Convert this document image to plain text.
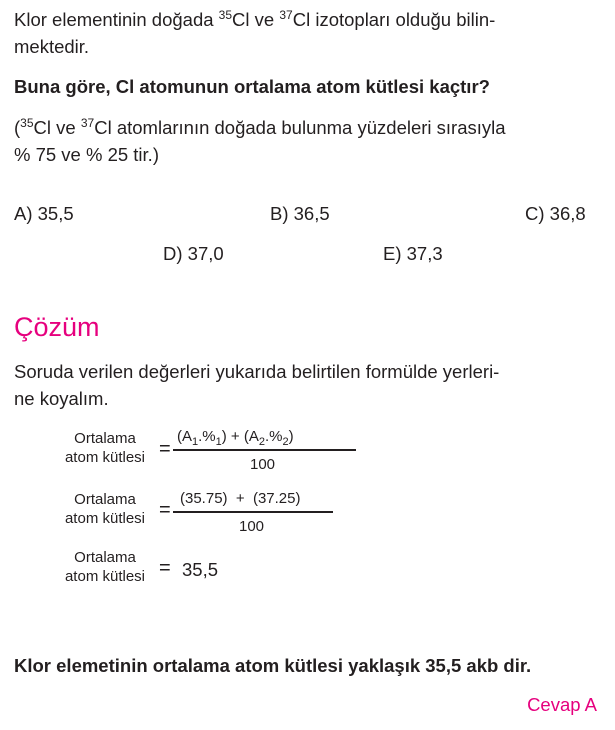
Klor elementinin doğada $^{35}$Cl ve $^{37}$Cl izotopları olduğu bilin-
mektedir.
Buna göre, Cl atomunun ortalama atom kütlesi kaçtır?
($^{35}$Cl ve $^{37}$Cl atomlarının doğada bulunma yüzdeleri sırasıyla
% 75 ve % 25 tir.)
A) 35,5	B) 36,5	C) 36,8
D) 37,0	E) 37,3
Çözüm
Soruda verilen değerleri yukarıda belirtilen formülde yerleri-
ne koyalım.
Ortalama
atom kütlesi =
$(A_1.\%_1) + (A_2.\%_2)$
100
Ortalama
atom kütlesi =
(35.75)  +  (37.25)
100
Ortalama
atom kütlesi = 35,5
Klor elemetinin ortalama atom kütlesi yaklaşık 35,5 akb dir.
Cevap A
